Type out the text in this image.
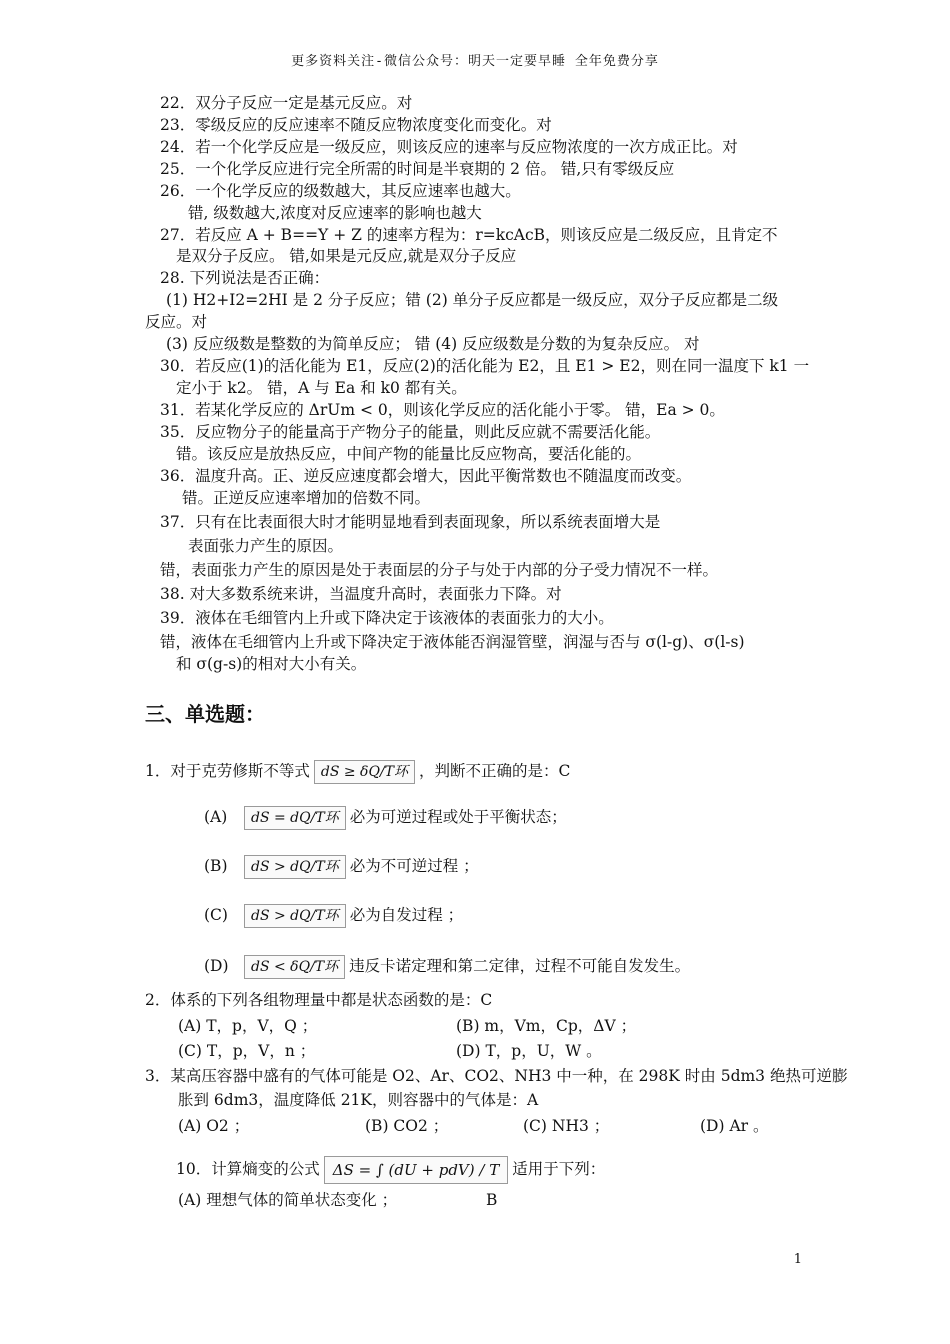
更多资料关注-微信公众号：明天一定要早睡 全年免费分享
22．双分子反应一定是基元反应。对
23．零级反应的反应速率不随反应物浓度变化而变化。对
24．若一个化学反应是一级反应，则该反应的速率与反应物浓度的一次方成正比。对
25．一个化学反应进行完全所需的时间是半衰期的 2 倍。 错,只有零级反应
26．一个化学反应的级数越大，其反应速率也越大。
错, 级数越大,浓度对反应速率的影响也越大
27．若反应 A + B==Y + Z 的速率方程为：r=kcAcB，则该反应是二级反应，且肯定不
是双分子反应。 错,如果是元反应,就是双分子反应
28. 下列说法是否正确：
(1) H2+I2=2HI 是 2 分子反应；错 (2) 单分子反应都是一级反应，双分子反应都是二级
反应。对
(3) 反应级数是整数的为简单反应； 错 (4) 反应级数是分数的为复杂反应。 对
30．若反应(1)的活化能为 E1，反应(2)的活化能为 E2，且 E1 > E2，则在同一温度下 k1 一
定小于 k2。 错，A 与 Ea 和 k0 都有关。
31．若某化学反应的 ΔrUm < 0，则该化学反应的活化能小于零。 错，Ea > 0。
35．反应物分子的能量高于产物分子的能量，则此反应就不需要活化能。
错。该反应是放热反应，中间产物的能量比反应物高，要活化能的。
36．温度升高。正、逆反应速度都会增大，因此平衡常数也不随温度而改变。
错。正逆反应速率增加的倍数不同。
37．只有在比表面很大时才能明显地看到表面现象，所以系统表面增大是
表面张力产生的原因。
错，表面张力产生的原因是处于表面层的分子与处于内部的分子受力情况不一样。
38. 对大多数系统来讲，当温度升高时，表面张力下降。对
39．液体在毛细管内上升或下降决定于该液体的表面张力的大小。
错，液体在毛细管内上升或下降决定于液体能否润湿管壁，润湿与否与 σ(l-g)、σ(l-s)
和 σ(g-s)的相对大小有关。
三、单选题：
1．对于克劳修斯不等式 dS ≥ δQ/T环 ，判断不正确的是：C
(A) dS = dQ/T环 必为可逆过程或处于平衡状态；
(B) dS > dQ/T环 必为不可逆过程 ；
(C) dS > dQ/T环 必为自发过程 ；
(D) dS < δQ/T环 违反卡诺定理和第二定律，过程不可能自发发生。
2．体系的下列各组物理量中都是状态函数的是：C
(A) T，p，V，Q ；	(B) m，Vm，Cp，ΔV ；
(C) T，p，V，n ；	(D) T，p，U，W 。
3．某高压容器中盛有的气体可能是 O2、Ar、CO2、NH3 中一种，在 298K 时由 5dm3 绝热可逆膨
胀到 6dm3，温度降低 21K，则容器中的气体是：A
(A) O2 ；	(B) CO2 ；	(C) NH3 ；	(D) Ar 。
10．计算熵变的公式 ΔS = ∫ (dU + pdV) / T 适用于下列：
(A) 理想气体的简单状态变化 ；	B
1
